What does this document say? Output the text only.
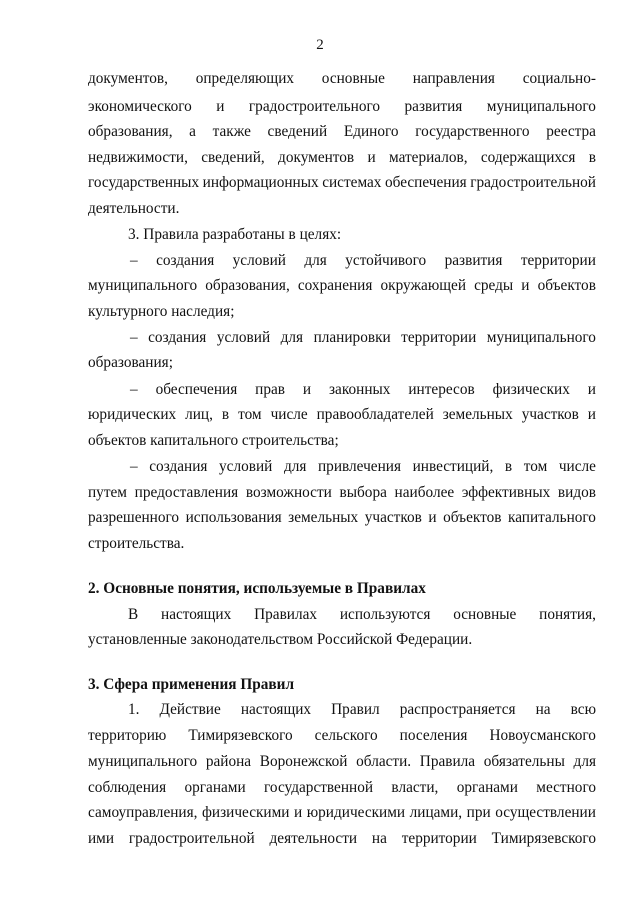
2
документов, определяющих основные направления социально-
экономического и градостроительного развития муниципального
образования, а также сведений Единого государственного реестра
недвижимости, сведений, документов и материалов, содержащихся в
государственных информационных системах обеспечения градостроительной
деятельности.
3. Правила разработаны в целях:
– создания условий для устойчивого развития территории
муниципального образования, сохранения окружающей среды и объектов
культурного наследия;
– создания условий для планировки территории муниципального
образования;
– обеспечения прав и законных интересов физических и
юридических лиц, в том числе правообладателей земельных участков и
объектов капитального строительства;
– создания условий для привлечения инвестиций, в том числе
путем предоставления возможности выбора наиболее эффективных видов
разрешенного использования земельных участков и объектов капитального
строительства.
2. Основные понятия, используемые в Правилах
В настоящих Правилах используются основные понятия,
установленные законодательством Российской Федерации.
3. Сфера применения Правил
1. Действие настоящих Правил распространяется на всю
территорию Тимирязевского сельского поселения Новоусманского
муниципального района Воронежской области. Правила обязательны для
соблюдения органами государственной власти, органами местного
самоуправления, физическими и юридическими лицами, при осуществлении
ими градостроительной деятельности на территории Тимирязевского
